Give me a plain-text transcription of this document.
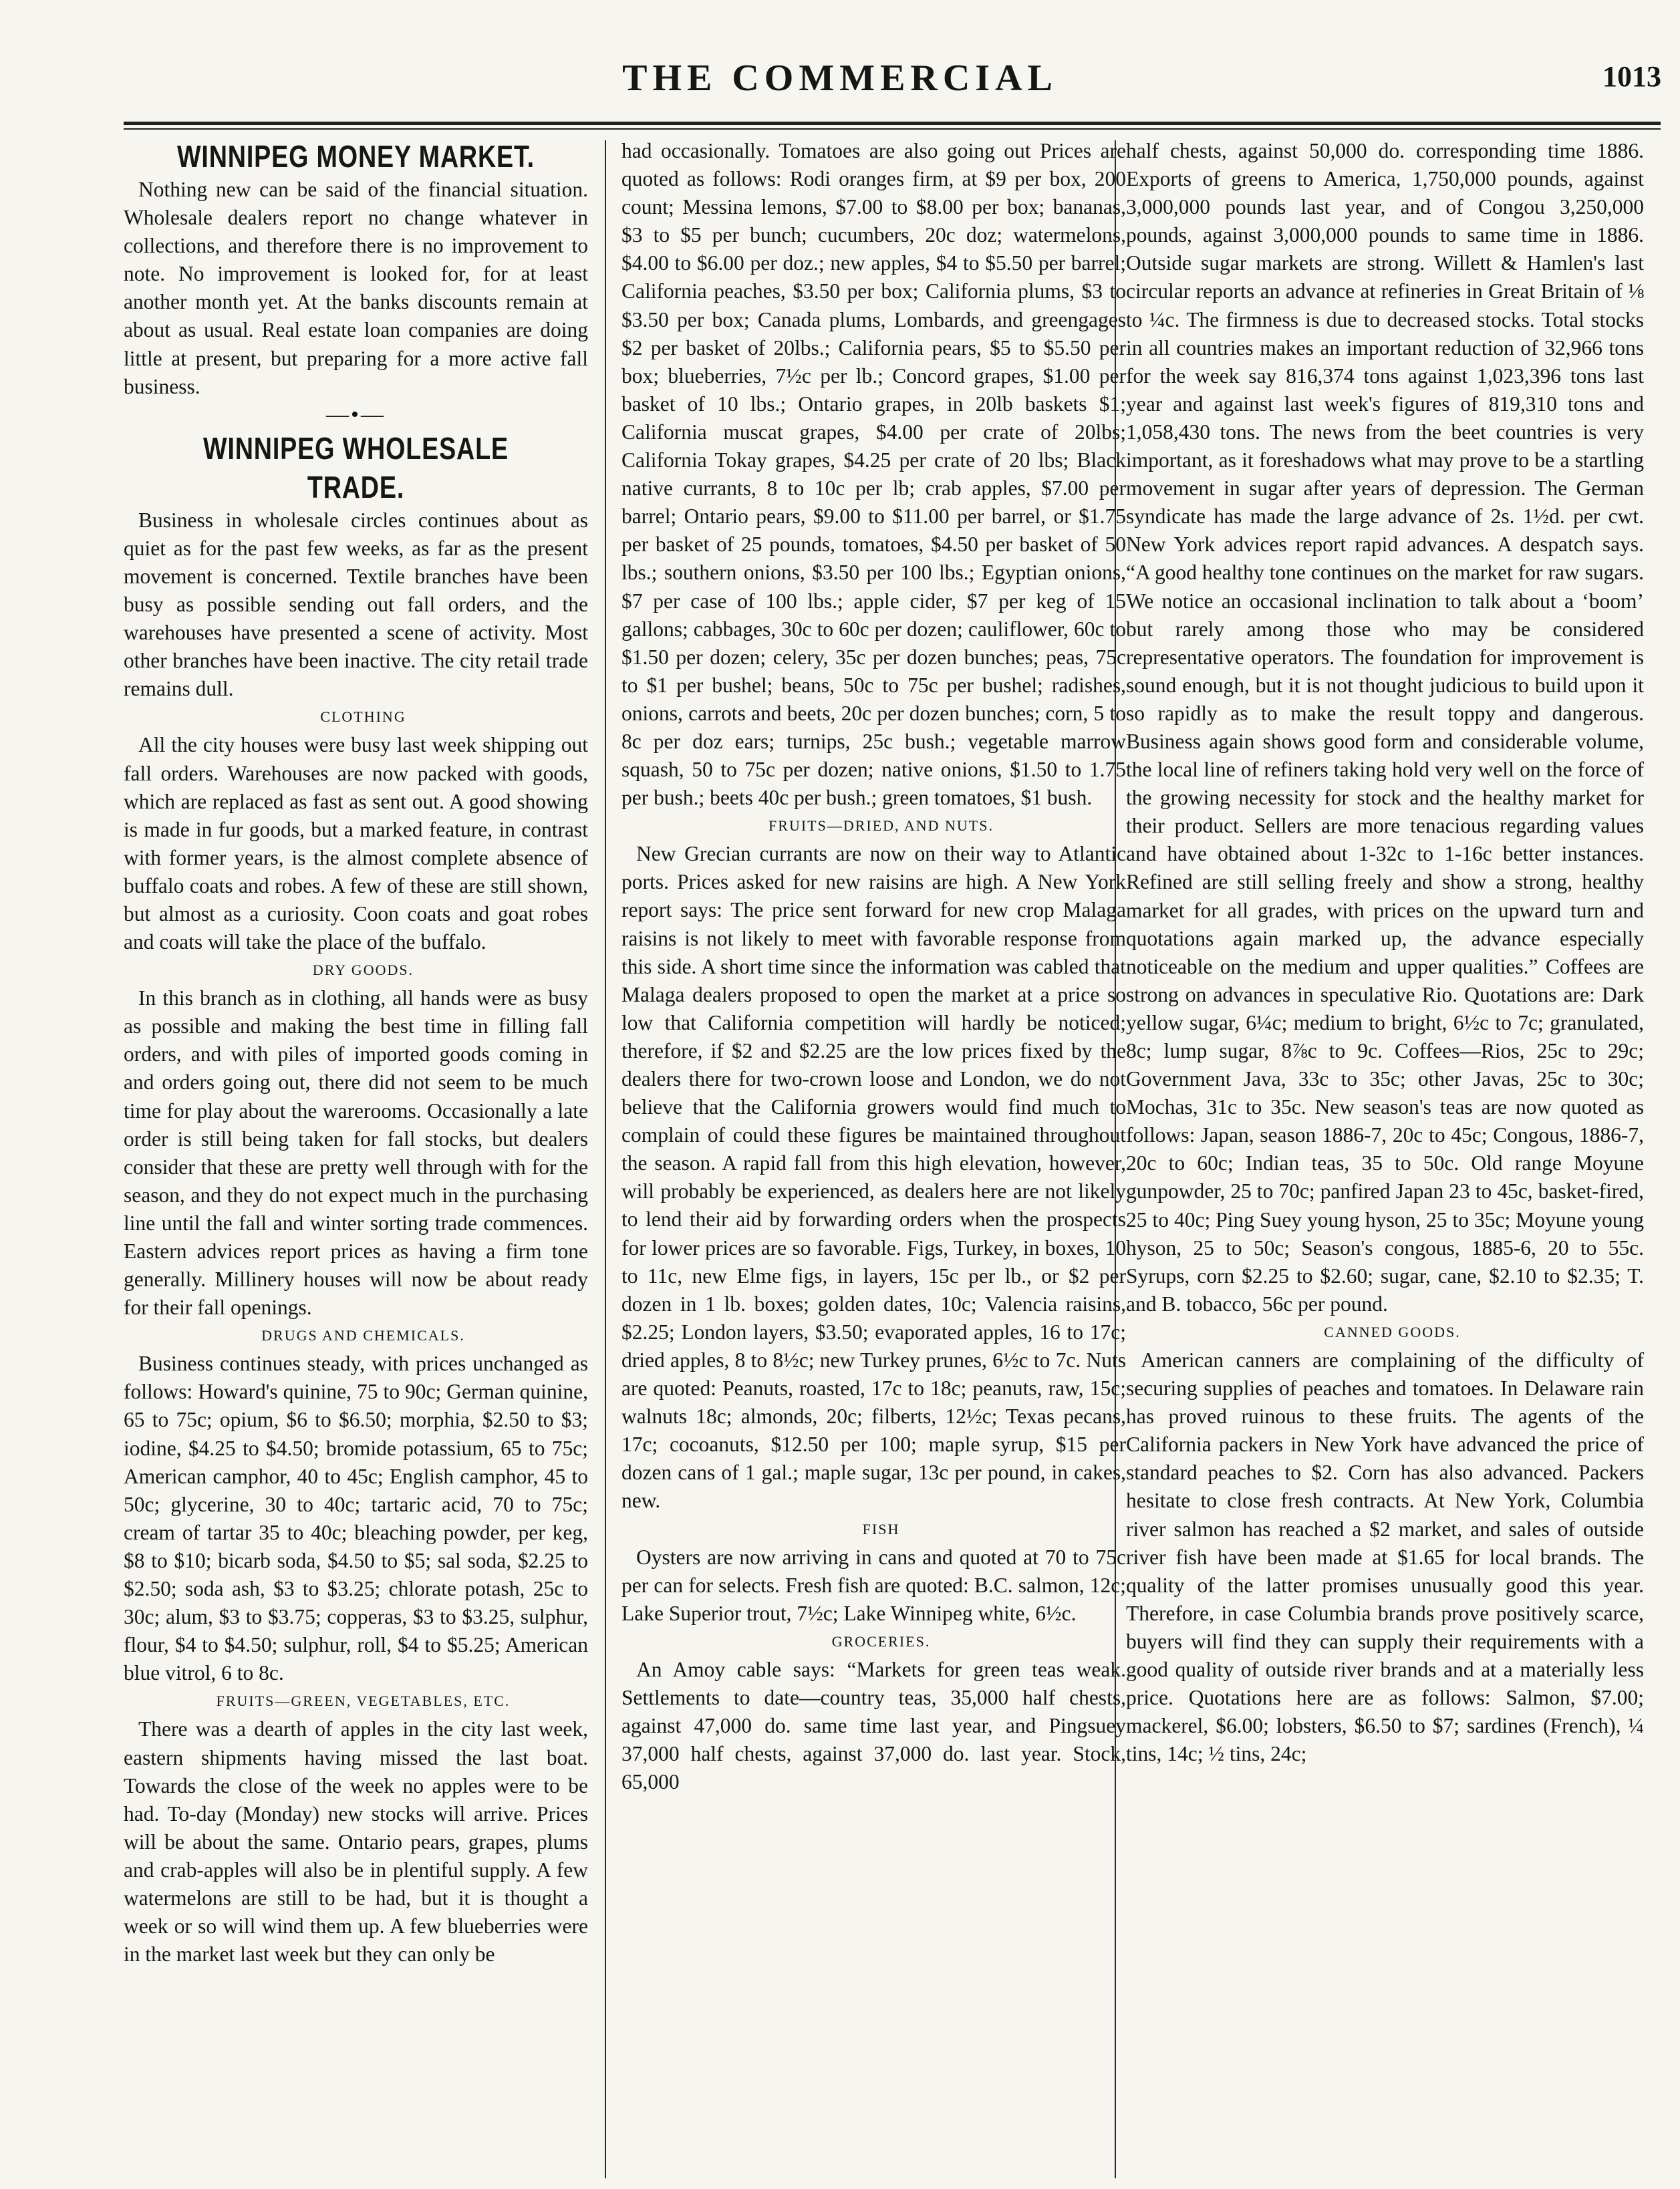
THE COMMERCIAL	1013
WINNIPEG MONEY MARKET.

Nothing new can be said of the financial situation. Wholesale dealers report no change whatever in collections, and therefore there is no improvement to note. No improvement is looked for, for at least another month yet. At the banks discounts remain at about as usual. Real estate loan companies are doing little at present, but preparing for a more active fall business.

—•—
WINNIPEG WHOLESALE TRADE.

Business in wholesale circles continues about as quiet as for the past few weeks, as far as the present movement is concerned. Textile branches have been busy as possible sending out fall orders, and the warehouses have presented a scene of activity. Most other branches have been inactive. The city retail trade remains dull.

CLOTHING

All the city houses were busy last week shipping out fall orders. Warehouses are now packed with goods, which are replaced as fast as sent out. A good showing is made in fur goods, but a marked feature, in contrast with former years, is the almost complete absence of buffalo coats and robes. A few of these are still shown, but almost as a curiosity. Coon coats and goat robes and coats will take the place of the buffalo.

DRY GOODS.

In this branch as in clothing, all hands were as busy as possible and making the best time in filling fall orders, and with piles of imported goods coming in and orders going out, there did not seem to be much time for play about the warerooms. Occasionally a late order is still being taken for fall stocks, but dealers consider that these are pretty well through with for the season, and they do not expect much in the purchasing line until the fall and winter sorting trade commences. Eastern advices report prices as having a firm tone generally. Millinery houses will now be about ready for their fall openings.

DRUGS AND CHEMICALS.

Business continues steady, with prices unchanged as follows: Howard's quinine, 75 to 90c; German quinine, 65 to 75c; opium, $6 to $6.50; morphia, $2.50 to $3; iodine, $4.25 to $4.50; bromide potassium, 65 to 75c; American camphor, 40 to 45c; English camphor, 45 to 50c; glycerine, 30 to 40c; tartaric acid, 70 to 75c; cream of tartar 35 to 40c; bleaching powder, per keg, $8 to $10; bicarb soda, $4.50 to $5; sal soda, $2.25 to $2.50; soda ash, $3 to $3.25; chlorate potash, 25c to 30c; alum, $3 to $3.75; copperas, $3 to $3.25, sulphur, flour, $4 to $4.50; sulphur, roll, $4 to $5.25; American blue vitrol, 6 to 8c.

FRUITS—GREEN, VEGETABLES, ETC.

There was a dearth of apples in the city last week, eastern shipments having missed the last boat. Towards the close of the week no apples were to be had. To-day (Monday) new stocks will arrive. Prices will be about the same. Ontario pears, grapes, plums and crab-apples will also be in plentiful supply. A few watermelons are still to be had, but it is thought a week or so will wind them up. A few blueberries were in the market last week but they can only be

had occasionally. Tomatoes are also going out Prices are quoted as follows: Rodi oranges firm, at $9 per box, 200 count; Messina lemons, $7.00 to $8.00 per box; bananas, $3 to $5 per bunch; cucumbers, 20c doz; watermelons, $4.00 to $6.00 per doz.; new apples, $4 to $5.50 per barrel; California peaches, $3.50 per box; California plums, $3 to $3.50 per box; Canada plums, Lombards, and greengages $2 per basket of 20lbs.; California pears, $5 to $5.50 per box; blueberries, 7½c per lb.; Concord grapes, $1.00 per basket of 10 lbs.; Ontario grapes, in 20lb baskets $1; California muscat grapes, $4.00 per crate of 20lbs; California Tokay grapes, $4.25 per crate of 20 lbs; Black native currants, 8 to 10c per lb; crab apples, $7.00 per barrel; Ontario pears, $9.00 to $11.00 per barrel, or $1.75 per basket of 25 pounds, tomatoes, $4.50 per basket of 50 lbs.; southern onions, $3.50 per 100 lbs.; Egyptian onions, $7 per case of 100 lbs.; apple cider, $7 per keg of 15 gallons; cabbages, 30c to 60c per dozen; cauliflower, 60c to $1.50 per dozen; celery, 35c per dozen bunches; peas, 75c to $1 per bushel; beans, 50c to 75c per bushel; radishes, onions, carrots and beets, 20c per dozen bunches; corn, 5 to 8c per doz ears; turnips, 25c bush.; vegetable marrow squash, 50 to 75c per dozen; native onions, $1.50 to 1.75 per bush.; beets 40c per bush.; green tomatoes, $1 bush.

FRUITS—DRIED, AND NUTS.

New Grecian currants are now on their way to Atlantic ports. Prices asked for new raisins are high. A New York report says: The price sent forward for new crop Malaga raisins is not likely to meet with favorable response from this side. A short time since the information was cabled that Malaga dealers proposed to open the market at a price so low that California competition will hardly be noticed; therefore, if $2 and $2.25 are the low prices fixed by the dealers there for two-crown loose and London, we do not believe that the California growers would find much to complain of could these figures be maintained throughout the season. A rapid fall from this high elevation, however, will probably be experienced, as dealers here are not likely to lend their aid by forwarding orders when the prospects for lower prices are so favorable. Figs, Turkey, in boxes, 10 to 11c, new Elme figs, in layers, 15c per lb., or $2 per dozen in 1 lb. boxes; golden dates, 10c; Valencia raisins, $2.25; London layers, $3.50; evaporated apples, 16 to 17c; dried apples, 8 to 8½c; new Turkey prunes, 6½c to 7c. Nuts are quoted: Peanuts, roasted, 17c to 18c; peanuts, raw, 15c; walnuts 18c; almonds, 20c; filberts, 12½c; Texas pecans, 17c; cocoanuts, $12.50 per 100; maple syrup, $15 per dozen cans of 1 gal.; maple sugar, 13c per pound, in cakes, new.

FISH

Oysters are now arriving in cans and quoted at 70 to 75c per can for selects. Fresh fish are quoted: B.C. salmon, 12c; Lake Superior trout, 7½c; Lake Winnipeg white, 6½c.

GROCERIES.

An Amoy cable says: “Markets for green teas weak. Settlements to date—country teas, 35,000 half chests, against 47,000 do. same time last year, and Pingsuey 37,000 half chests, against 37,000 do. last year. Stock, 65,000

half chests, against 50,000 do. corresponding time 1886. Exports of greens to America, 1,750,000 pounds, against 3,000,000 pounds last year, and of Congou 3,250,000 pounds, against 3,000,000 pounds to same time in 1886. Outside sugar markets are strong. Willett & Hamlen's last circular reports an advance at refineries in Great Britain of ⅛ to ¼c. The firmness is due to decreased stocks. Total stocks in all countries makes an important reduction of 32,966 tons for the week say 816,374 tons against 1,023,396 tons last year and against last week's figures of 819,310 tons and 1,058,430 tons. The news from the beet countries is very important, as it foreshadows what may prove to be a startling movement in sugar after years of depression. The German syndicate has made the large advance of 2s. 1½d. per cwt. New York advices report rapid advances. A despatch says. “A good healthy tone continues on the market for raw sugars. We notice an occasional inclination to talk about a ‘boom’ but rarely among those who may be considered representative operators. The foundation for improvement is sound enough, but it is not thought judicious to build upon it so rapidly as to make the result toppy and dangerous. Business again shows good form and considerable volume, the local line of refiners taking hold very well on the force of the growing necessity for stock and the healthy market for their product. Sellers are more tenacious regarding values and have obtained about 1-32c to 1-16c better instances. Refined are still selling freely and show a strong, healthy market for all grades, with prices on the upward turn and quotations again marked up, the advance especially noticeable on the medium and upper qualities.” Coffees are strong on advances in speculative Rio. Quotations are: Dark yellow sugar, 6¼c; medium to bright, 6½c to 7c; granulated, 8c; lump sugar, 8⅞c to 9c. Coffees—Rios, 25c to 29c; Government Java, 33c to 35c; other Javas, 25c to 30c; Mochas, 31c to 35c. New season's teas are now quoted as follows: Japan, season 1886-7, 20c to 45c; Congous, 1886-7, 20c to 60c; Indian teas, 35 to 50c. Old range Moyune gunpowder, 25 to 70c; panfired Japan 23 to 45c, basket-fired, 25 to 40c; Ping Suey young hyson, 25 to 35c; Moyune young hyson, 25 to 50c; Season's congous, 1885-6, 20 to 55c. Syrups, corn $2.25 to $2.60; sugar, cane, $2.10 to $2.35; T. and B. tobacco, 56c per pound.

CANNED GOODS.

American canners are complaining of the difficulty of securing supplies of peaches and tomatoes. In Delaware rain has proved ruinous to these fruits. The agents of the California packers in New York have advanced the price of standard peaches to $2. Corn has also advanced. Packers hesitate to close fresh contracts. At New York, Columbia river salmon has reached a $2 market, and sales of outside river fish have been made at $1.65 for local brands. The quality of the latter promises unusually good this year. Therefore, in case Columbia brands prove positively scarce, buyers will find they can supply their requirements with a good quality of outside river brands and at a materially less price. Quotations here are as follows: Salmon, $7.00; mackerel, $6.00; lobsters, $6.50 to $7; sardines (French), ¼ tins, 14c; ½ tins, 24c;
